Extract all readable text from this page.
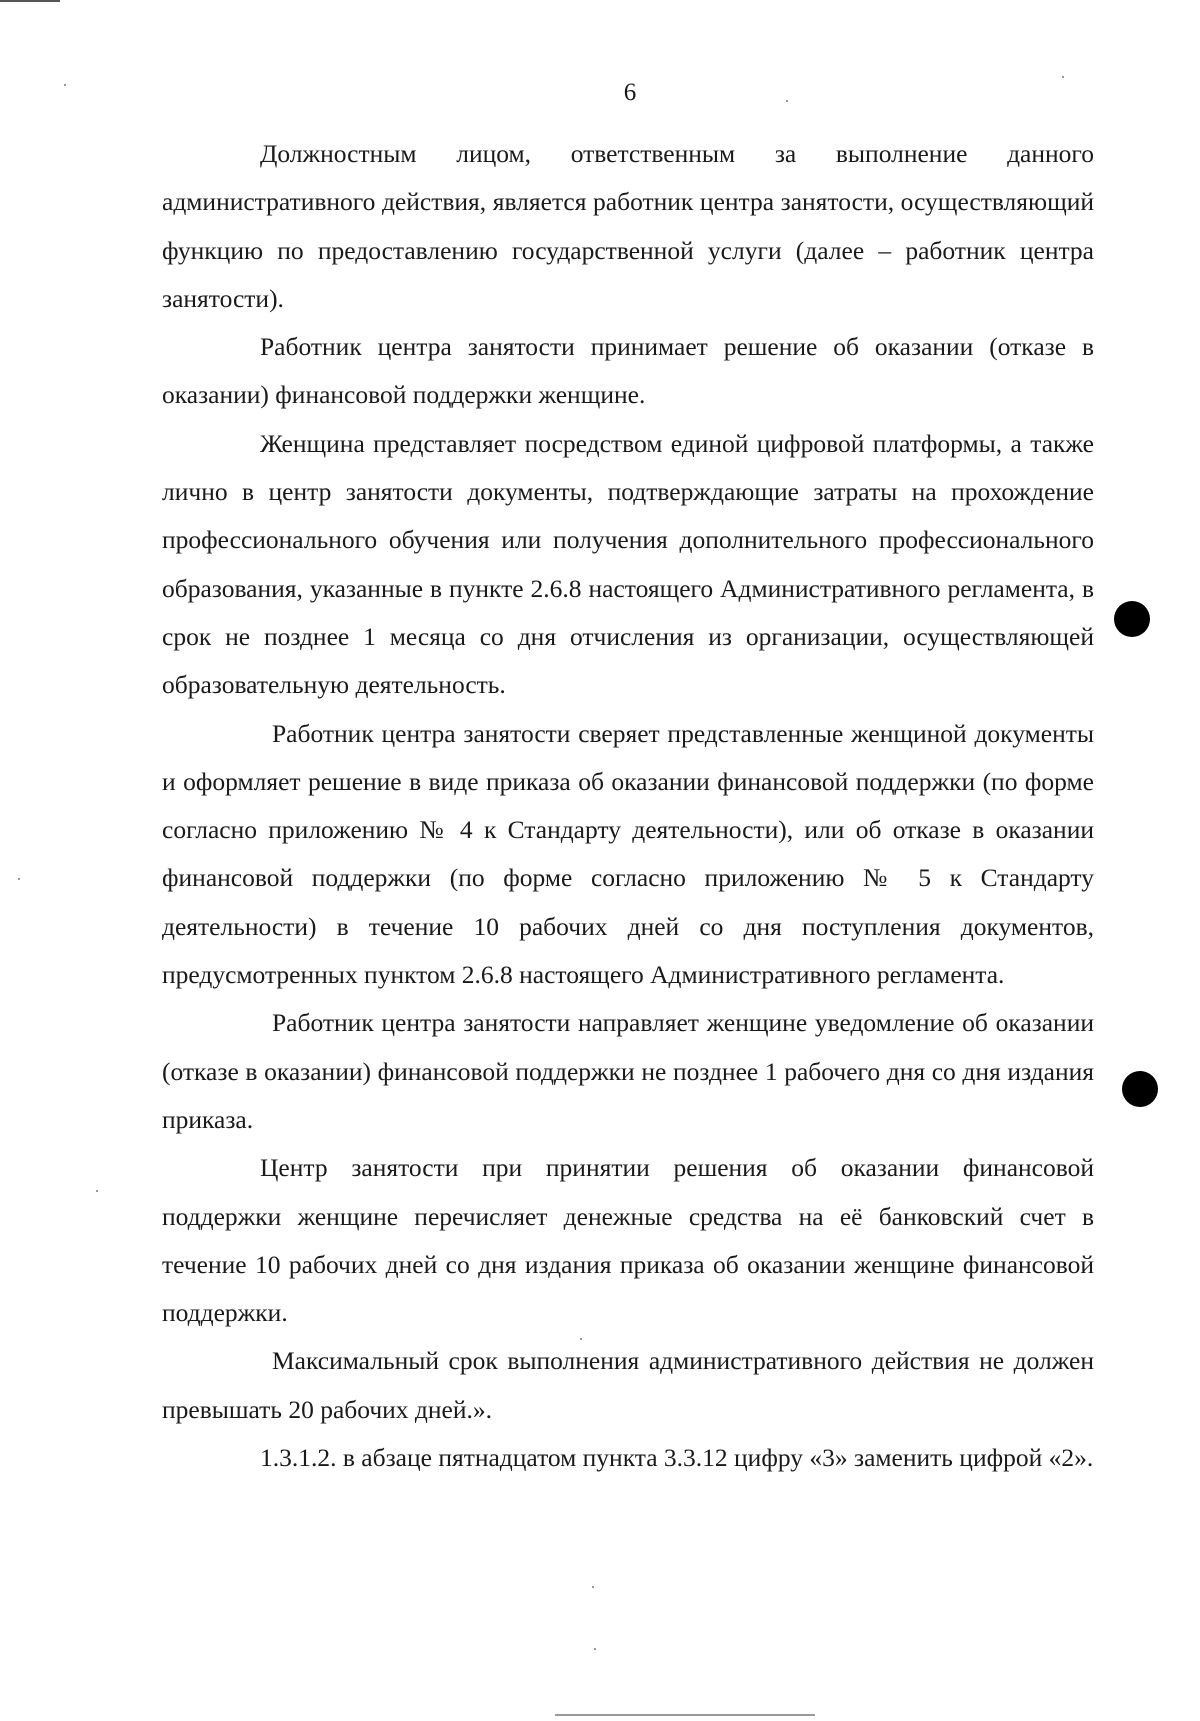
6

Должностным лицом, ответственным за выполнение данного административного действия, является работник центра занятости, осуществляющий функцию по предоставлению государственной услуги (далее – работник центра занятости).

Работник центра занятости принимает решение об оказании (отказе в оказании) финансовой поддержки женщине.

Женщина представляет посредством единой цифровой платформы, а также лично в центр занятости документы, подтверждающие затраты на прохождение профессионального обучения или получения дополнительного профессионального образования, указанные в пункте 2.6.8 настоящего Административного регламента, в срок не позднее 1 месяца со дня отчисления из организации, осуществляющей образовательную деятельность.

Работник центра занятости сверяет представленные женщиной документы и оформляет решение в виде приказа об оказании финансовой поддержки (по форме согласно приложению № 4 к Стандарту деятельности), или об отказе в оказании финансовой поддержки (по форме согласно приложению № 5 к Стандарту деятельности) в течение 10 рабочих дней со дня поступления документов, предусмотренных пунктом 2.6.8 настоящего Административного регламента.

Работник центра занятости направляет женщине уведомление об оказании (отказе в оказании) финансовой поддержки не позднее 1 рабочего дня со дня издания приказа.

Центр занятости при принятии решения об оказании финансовой поддержки женщине перечисляет денежные средства на её банковский счет в течение 10 рабочих дней со дня издания приказа об оказании женщине финансовой поддержки.

Максимальный срок выполнения административного действия не должен превышать 20 рабочих дней.».

1.3.1.2. в абзаце пятнадцатом пункта 3.3.12 цифру «3» заменить цифрой «2».
